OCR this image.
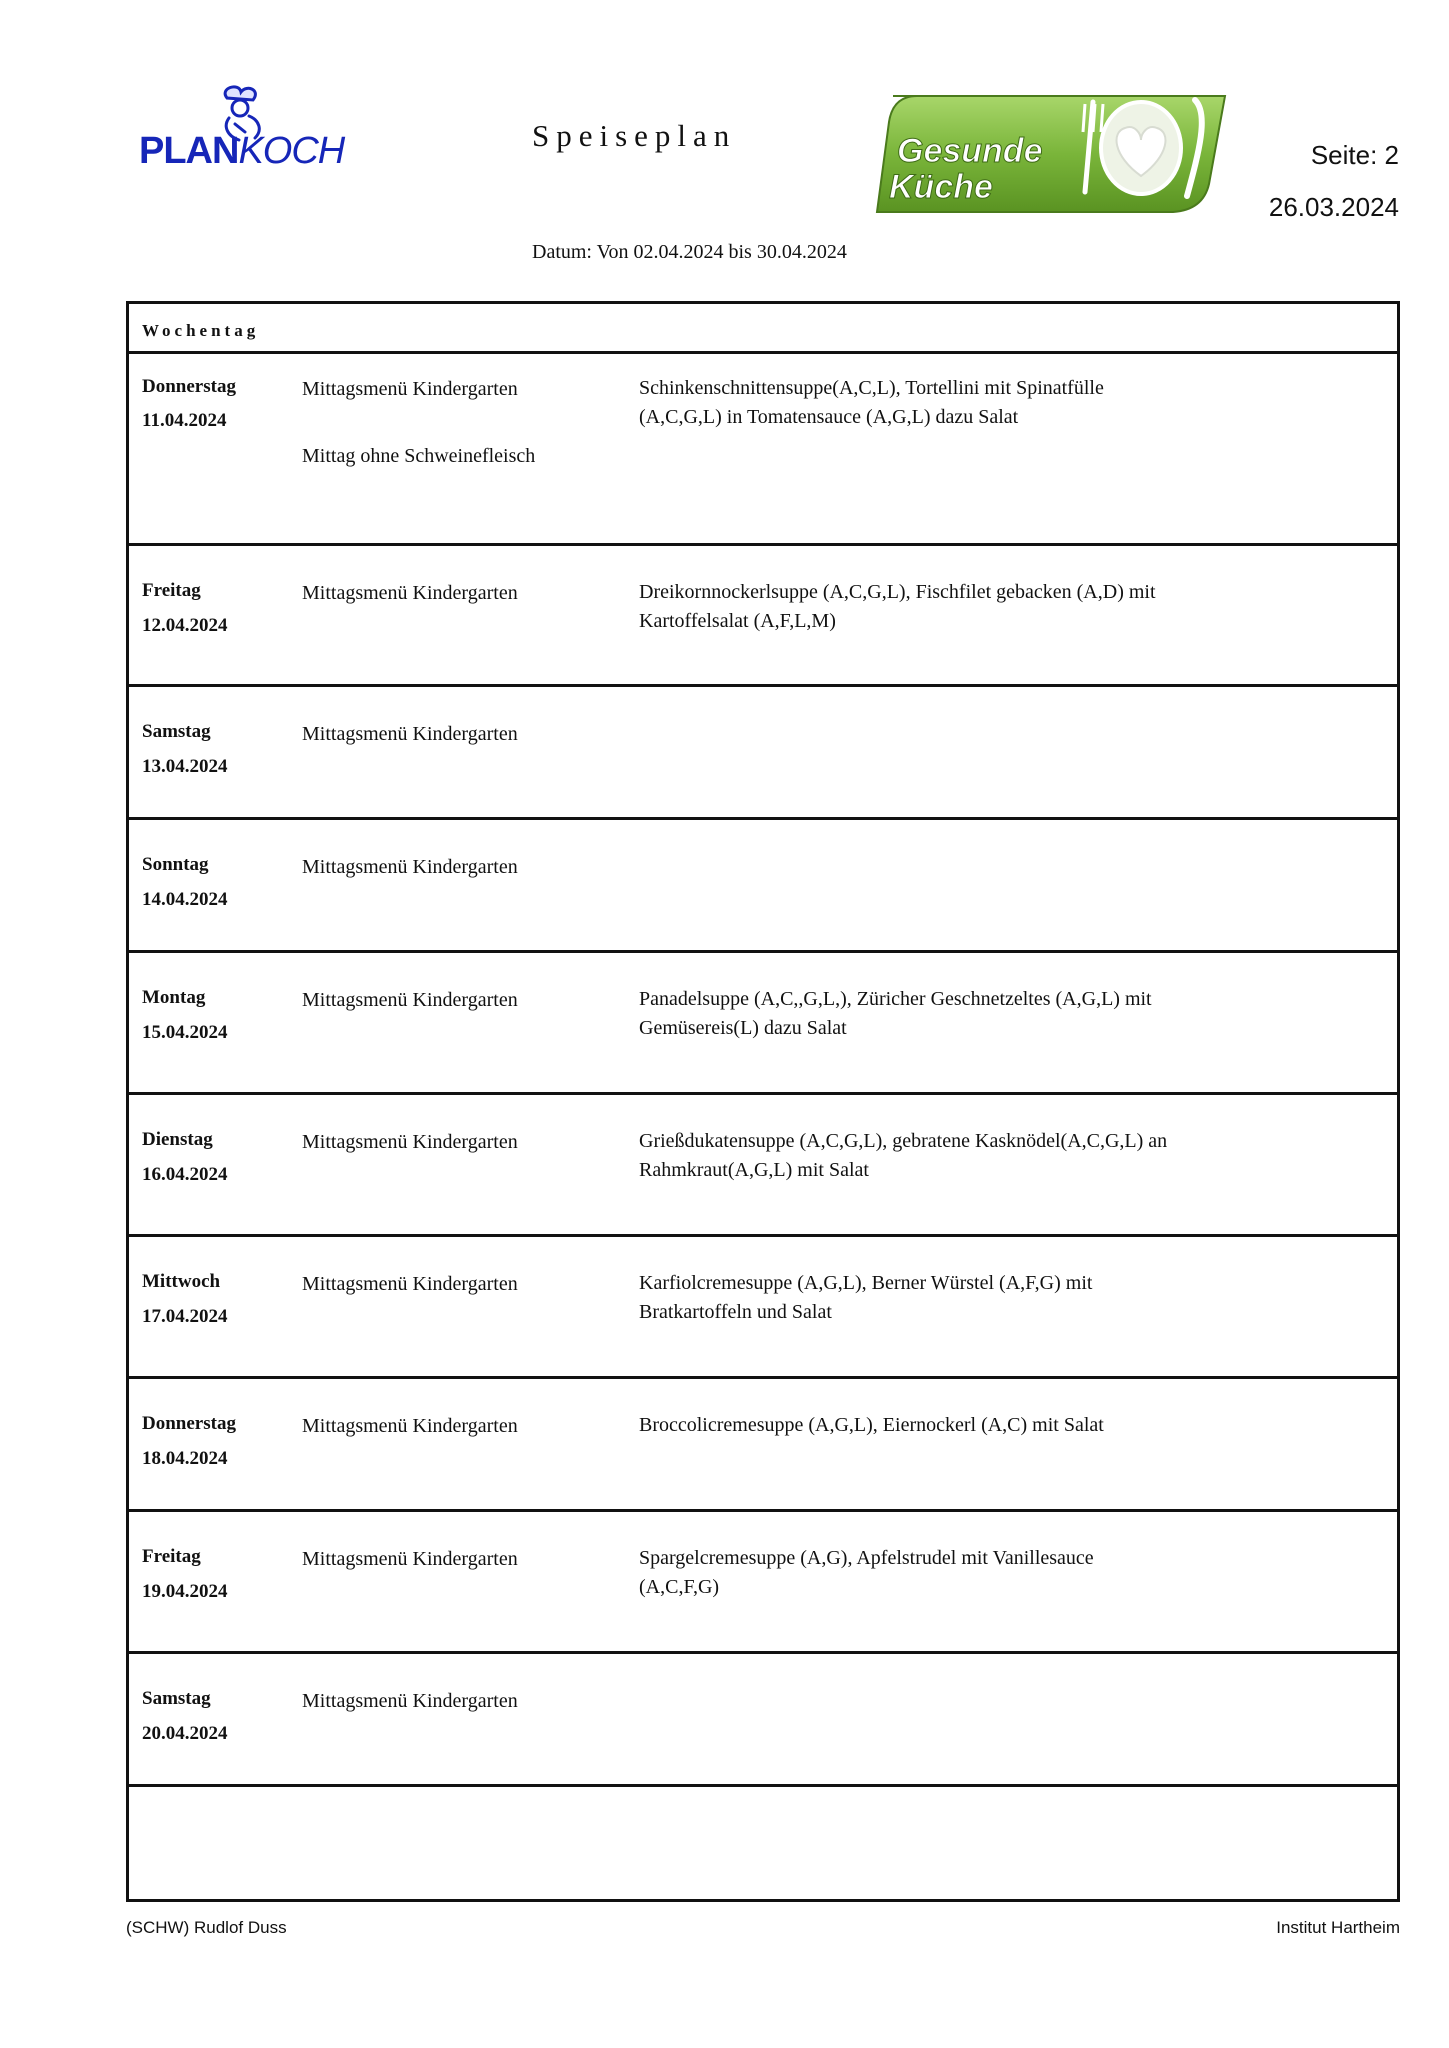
PLANKOCH	Speiseplan
Datum: Von 02.04.2024 bis 30.04.2024
Gesunde
Küche
Seite: 2
26.03.2024
Wochentag
Donnerstag
11.04.2024
Mittagsmenü Kindergarten	Schinkenschnittensuppe(A,C,L), Tortellini mit Spinatfülle
(A,C,G,L) in Tomatensauce (A,G,L) dazu Salat
Mittag ohne Schweinefleisch
Freitag
12.04.2024
Mittagsmenü Kindergarten	Dreikornnockerlsuppe (A,C,G,L), Fischfilet gebacken (A,D) mit
Kartoffelsalat (A,F,L,M)
Samstag
13.04.2024
Mittagsmenü Kindergarten
Sonntag
14.04.2024
Mittagsmenü Kindergarten
Montag
15.04.2024
Mittagsmenü Kindergarten	Panadelsuppe (A,C,,G,L,), Züricher Geschnetzeltes (A,G,L) mit
Gemüsereis(L) dazu Salat
Dienstag
16.04.2024
Mittagsmenü Kindergarten	Grießdukatensuppe (A,C,G,L), gebratene Kasknödel(A,C,G,L) an
Rahmkraut(A,G,L) mit Salat
Mittwoch
17.04.2024
Mittagsmenü Kindergarten	Karfiolcremesuppe (A,G,L), Berner Würstel (A,F,G) mit
Bratkartoffeln und Salat
Donnerstag
18.04.2024
Mittagsmenü Kindergarten	Broccolicremesuppe (A,G,L), Eiernockerl (A,C) mit Salat
Freitag
19.04.2024
Mittagsmenü Kindergarten	Spargelcremesuppe (A,G), Apfelstrudel mit Vanillesauce
(A,C,F,G)
Samstag
20.04.2024
Mittagsmenü Kindergarten
(SCHW) Rudlof Duss	Institut Hartheim
